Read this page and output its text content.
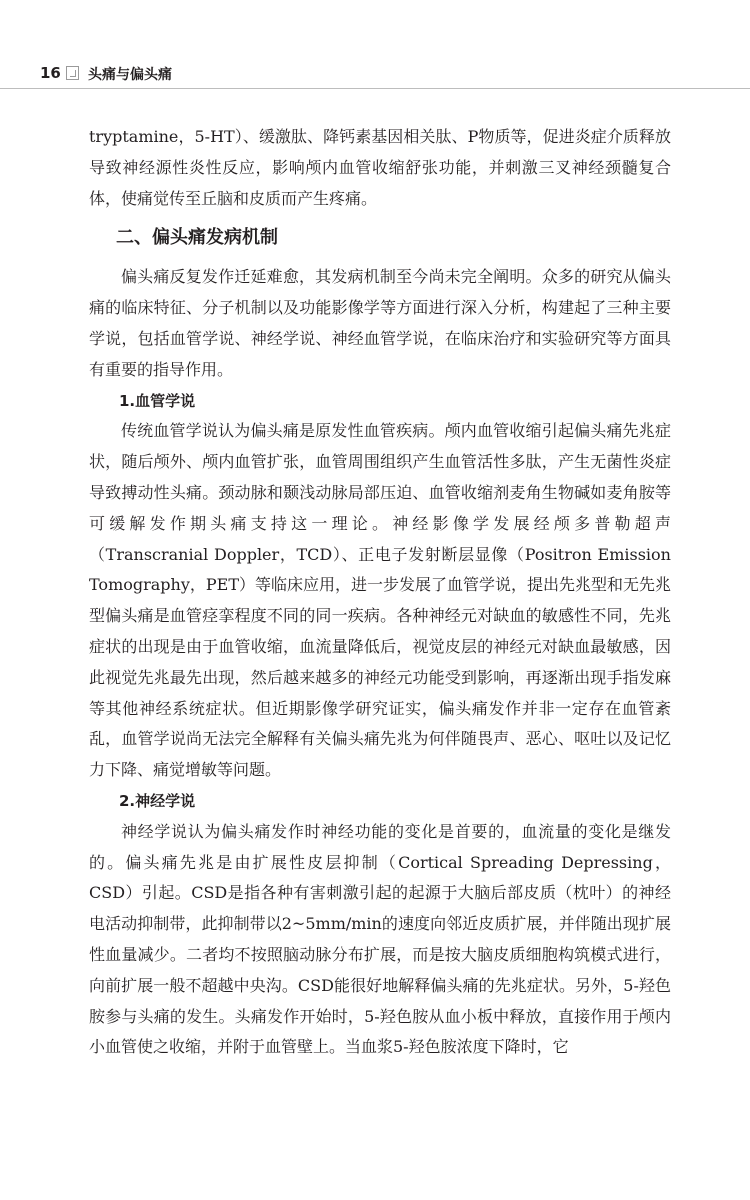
16 头痛与偏头痛

tryptamine，5-HT）、缓激肽、降钙素基因相关肽、P物质等，促进炎症介质释放导致神经源性炎性反应，影响颅内血管收缩舒张功能，并刺激三叉神经颈髓复合体，使痛觉传至丘脑和皮质而产生疼痛。

二、偏头痛发病机制

偏头痛反复发作迁延难愈，其发病机制至今尚未完全阐明。众多的研究从偏头痛的临床特征、分子机制以及功能影像学等方面进行深入分析，构建起了三种主要学说，包括血管学说、神经学说、神经血管学说，在临床治疗和实验研究等方面具有重要的指导作用。

1.血管学说

传统血管学说认为偏头痛是原发性血管疾病。颅内血管收缩引起偏头痛先兆症状，随后颅外、颅内血管扩张，血管周围组织产生血管活性多肽，产生无菌性炎症导致搏动性头痛。颈动脉和颞浅动脉局部压迫、血管收缩剂麦角生物碱如麦角胺等可缓解发作期头痛支持这一理论。神经影像学发展经颅多普勒超声（Transcranial Doppler，TCD）、正电子发射断层显像（Positron Emission Tomography，PET）等临床应用，进一步发展了血管学说，提出先兆型和无先兆型偏头痛是血管痉挛程度不同的同一疾病。各种神经元对缺血的敏感性不同，先兆症状的出现是由于血管收缩，血流量降低后，视觉皮层的神经元对缺血最敏感，因此视觉先兆最先出现，然后越来越多的神经元功能受到影响，再逐渐出现手指发麻等其他神经系统症状。但近期影像学研究证实，偏头痛发作并非一定存在血管紊乱，血管学说尚无法完全解释有关偏头痛先兆为何伴随畏声、恶心、呕吐以及记忆力下降、痛觉增敏等问题。

2.神经学说

神经学说认为偏头痛发作时神经功能的变化是首要的，血流量的变化是继发的。偏头痛先兆是由扩展性皮层抑制（Cortical Spreading Depressing，CSD）引起。CSD是指各种有害刺激引起的起源于大脑后部皮质（枕叶）的神经电活动抑制带，此抑制带以2~5mm/min的速度向邻近皮质扩展，并伴随出现扩展性血量减少。二者均不按照脑动脉分布扩展，而是按大脑皮质细胞构筑模式进行，向前扩展一般不超越中央沟。CSD能很好地解释偏头痛的先兆症状。另外，5-羟色胺参与头痛的发生。头痛发作开始时，5-羟色胺从血小板中释放，直接作用于颅内小血管使之收缩，并附于血管壁上。当血浆5-羟色胺浓度下降时，它
